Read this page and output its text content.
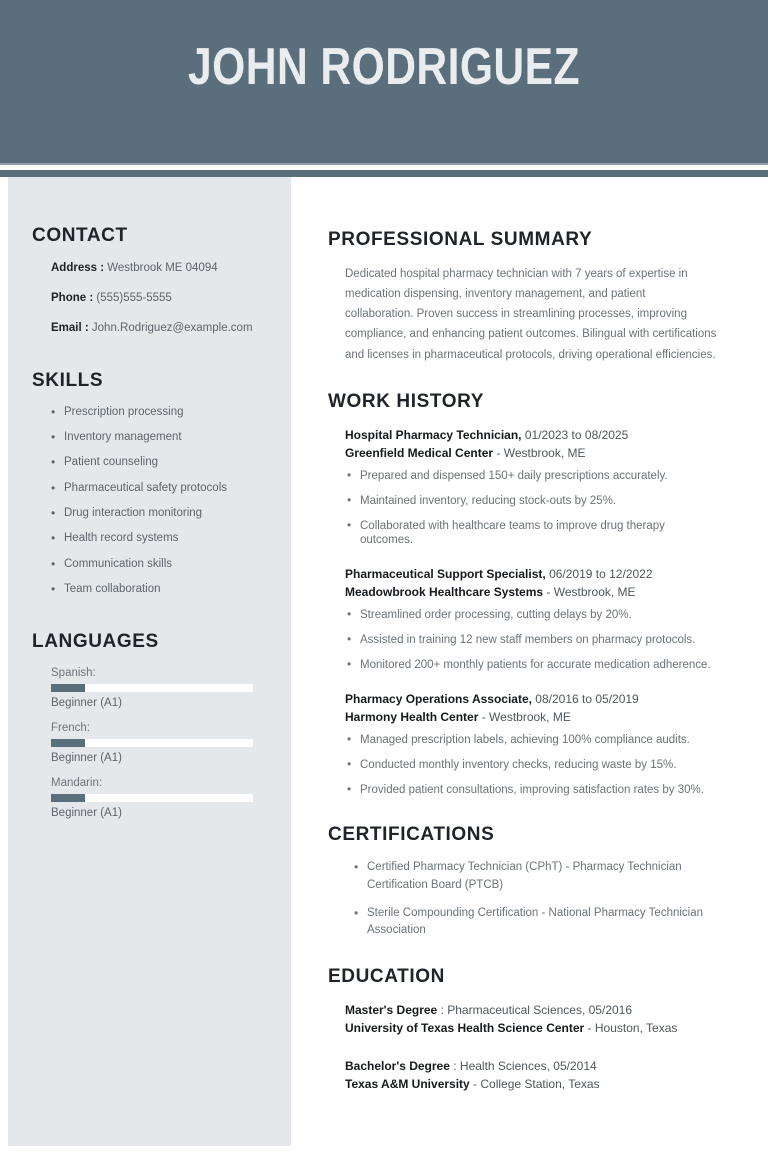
JOHN RODRIGUEZ
CONTACT
Address : Westbrook ME 04094
Phone : (555)555-5555
Email : John.Rodriguez@example.com
SKILLS
• Prescription processing
• Inventory management
• Patient counseling
• Pharmaceutical safety protocols
• Drug interaction monitoring
• Health record systems
• Communication skills
• Team collaboration
LANGUAGES
Spanish:
Beginner (A1)
French:
Beginner (A1)
Mandarin:
Beginner (A1)
PROFESSIONAL SUMMARY

Dedicated hospital pharmacy technician with 7 years of expertise in medication dispensing, inventory management, and patient collaboration. Proven success in streamlining processes, improving compliance, and enhancing patient outcomes. Bilingual with certifications and licenses in pharmaceutical protocols, driving operational efficiencies.

WORK HISTORY
Hospital Pharmacy Technician, 01/2023 to 08/2025
Greenfield Medical Center - Westbrook, ME
• Prepared and dispensed 150+ daily prescriptions accurately.
• Maintained inventory, reducing stock-outs by 25%.
• Collaborated with healthcare teams to improve drug therapy outcomes.
Pharmaceutical Support Specialist, 06/2019 to 12/2022
Meadowbrook Healthcare Systems - Westbrook, ME
• Streamlined order processing, cutting delays by 20%.
• Assisted in training 12 new staff members on pharmacy protocols.
• Monitored 200+ monthly patients for accurate medication adherence.
Pharmacy Operations Associate, 08/2016 to 05/2019
Harmony Health Center - Westbrook, ME
• Managed prescription labels, achieving 100% compliance audits.
• Conducted monthly inventory checks, reducing waste by 15%.
• Provided patient consultations, improving satisfaction rates by 30%.
CERTIFICATIONS
• Certified Pharmacy Technician (CPhT) - Pharmacy Technician Certification Board (PTCB)
• Sterile Compounding Certification - National Pharmacy Technician Association
EDUCATION
Master's Degree : Pharmaceutical Sciences, 05/2016
University of Texas Health Science Center - Houston, Texas
Bachelor's Degree : Health Sciences, 05/2014
Texas A&M University - College Station, Texas
